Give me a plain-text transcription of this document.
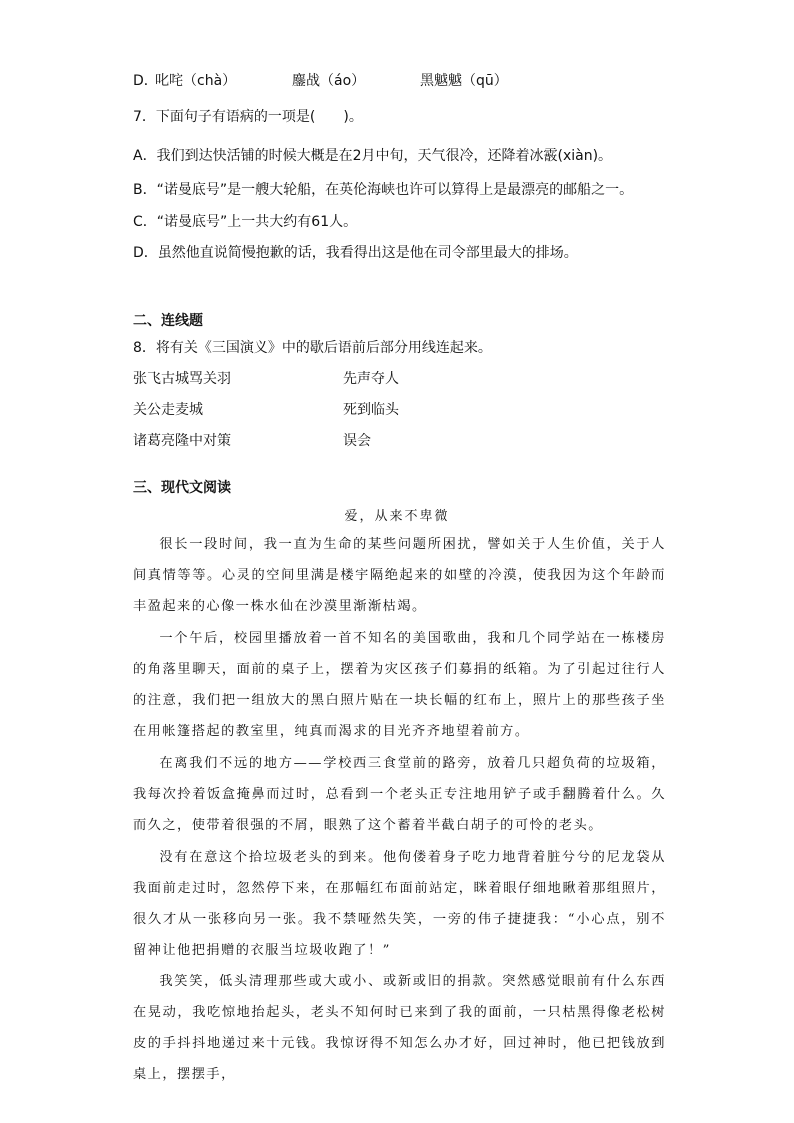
D．
叱咤（chà）	鏖战（áo）	黑魆魆（qū）
7．下面句子有语病的一项是(　　)。
A．我们到达快活铺的时候大概是在2月中旬，天气很冷，还降着冰霰(xiàn)。
B．“诺曼底号”是一艘大轮船，在英伦海峡也许可以算得上是最漂亮的邮船之一。
C．“诺曼底号”上一共大约有61人。
D．虽然他直说简慢抱歉的话，我看得出这是他在司令部里最大的排场。
二、连线题
8．将有关《三国演义》中的歇后语前后部分用线连起来。
张飞古城骂关羽
关公走麦城
诸葛亮隆中对策
先声夺人
死到临头
误会
三、现代文阅读
爱，从来不卑微

很长一段时间，我一直为生命的某些问题所困扰，譬如关于人生价值，关于人间真情等等。心灵的空间里满是楼宇隔绝起来的如壁的冷漠，使我因为这个年龄而丰盈起来的心像一株水仙在沙漠里渐渐枯竭。

一个午后，校园里播放着一首不知名的美国歌曲，我和几个同学站在一栋楼房的角落里聊天，面前的桌子上，摆着为灾区孩子们募捐的纸箱。为了引起过往行人的注意，我们把一组放大的黑白照片贴在一块长幅的红布上，照片上的那些孩子坐在用帐篷搭起的教室里，纯真而渴求的目光齐齐地望着前方。

在离我们不远的地方——学校西三食堂前的路旁，放着几只超负荷的垃圾箱，我每次拎着饭盒掩鼻而过时，总看到一个老头正专注地用铲子或手翻腾着什么。久而久之，使带着很强的不屑，眼熟了这个蓄着半截白胡子的可怜的老头。

没有在意这个拾垃圾老头的到来。他佝偻着身子吃力地背着脏兮兮的尼龙袋从我面前走过时，忽然停下来，在那幅红布面前站定，眯着眼仔细地瞅着那组照片，很久才从一张移向另一张。我不禁哑然失笑，一旁的伟子捷捷我：“小心点，别不留神让他把捐赠的衣服当垃圾收跑了！”

我笑笑，低头清理那些或大或小、或新或旧的捐款。突然感觉眼前有什么东西在晃动，我吃惊地抬起头，老头不知何时已来到了我的面前，一只枯黑得像老松树皮的手抖抖地递过来十元钱。我惊讶得不知怎么办才好，回过神时，他已把钱放到桌上，摆摆手，
